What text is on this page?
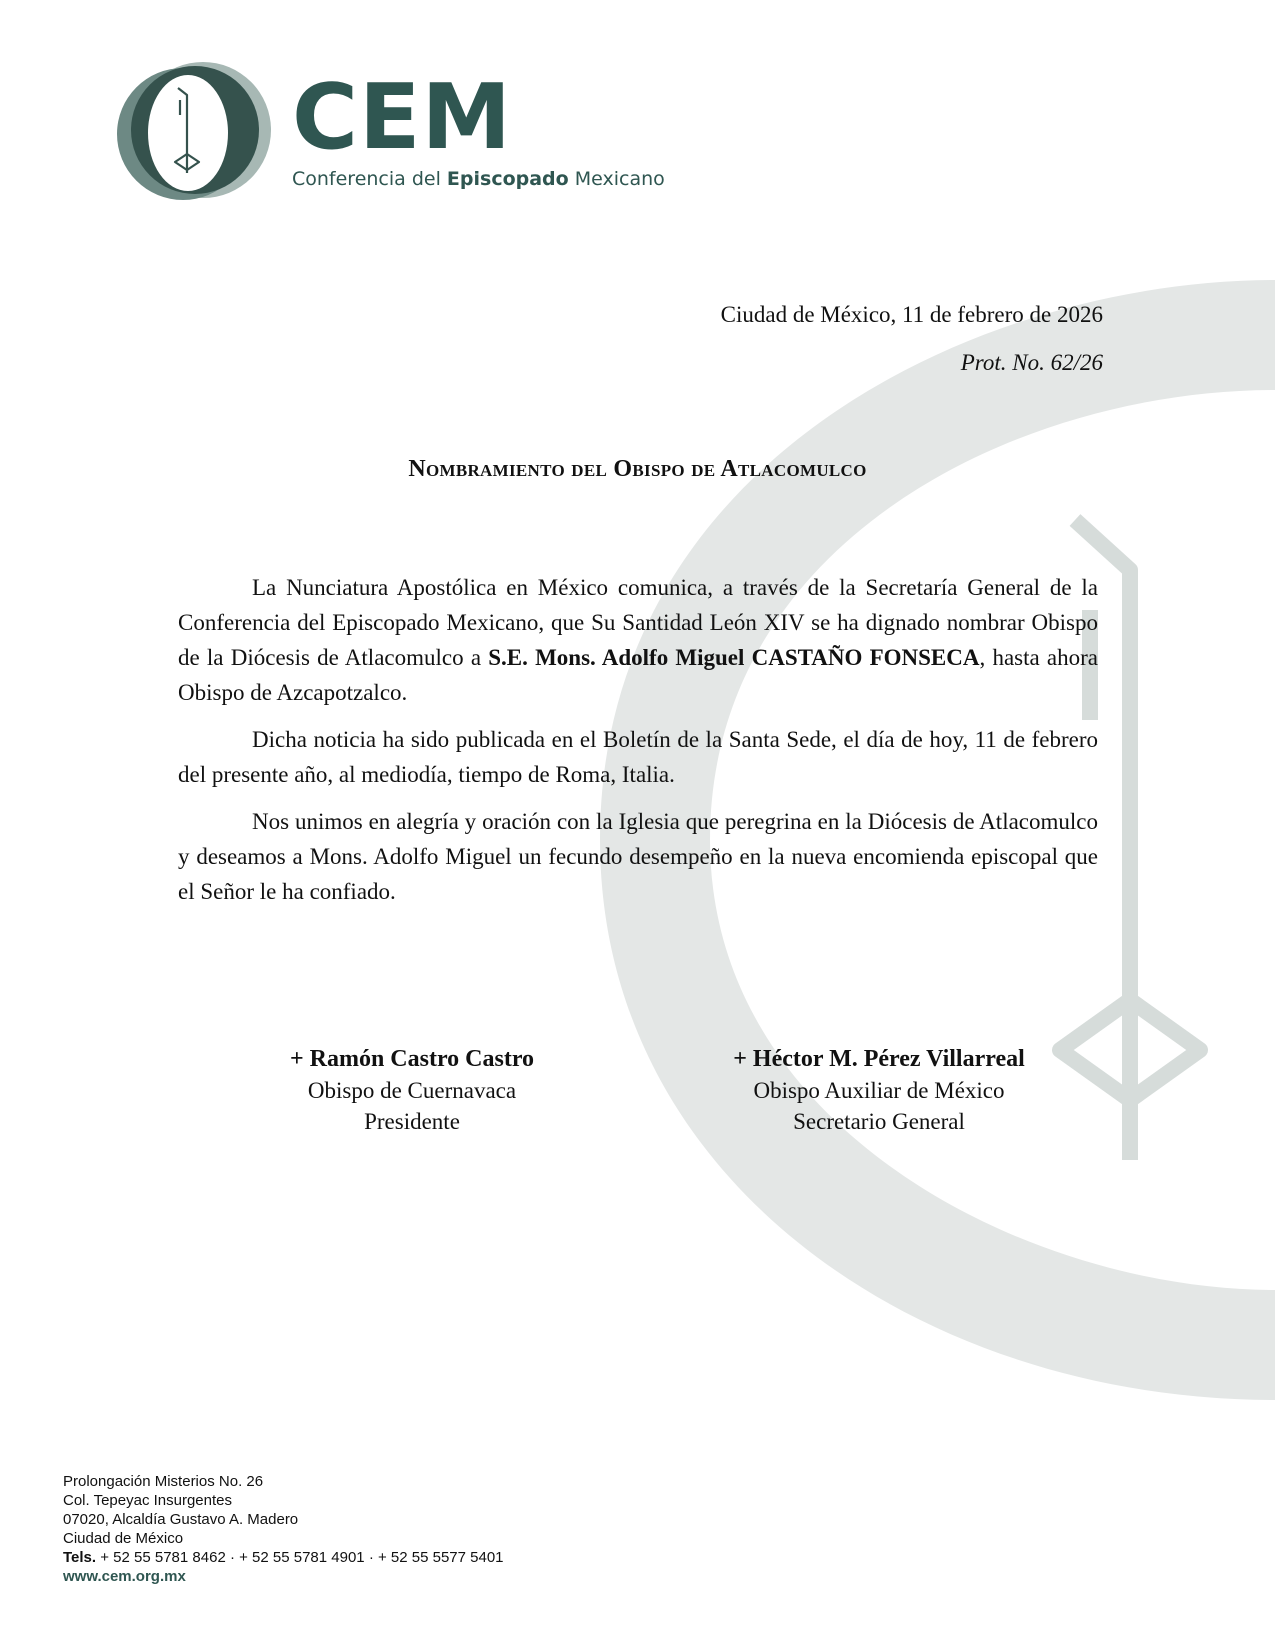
CEM
Conferencia del Episcopado Mexicano
Ciudad de México, 11 de febrero de 2026
Prot. No. 62/26
Nombramiento del Obispo de Atlacomulco

La Nunciatura Apostólica en México comunica, a través de la Secretaría General de la Conferencia del Episcopado Mexicano, que Su Santidad León XIV se ha dignado nombrar Obispo de la Diócesis de Atlacomulco a S.E. Mons. Adolfo Miguel CASTAÑO FONSECA, hasta ahora Obispo de Azcapotzalco.

Dicha noticia ha sido publicada en el Boletín de la Santa Sede, el día de hoy, 11 de febrero del presente año, al mediodía, tiempo de Roma, Italia.

Nos unimos en alegría y oración con la Iglesia que peregrina en la Diócesis de Atlacomulco y deseamos a Mons. Adolfo Miguel un fecundo desempeño en la nueva encomienda episcopal que el Señor le ha confiado.

+ Ramón Castro Castro
Obispo de Cuernavaca
Presidente
+ Héctor M. Pérez Villarreal
Obispo Auxiliar de México
Secretario General
Prolongación Misterios No. 26
Col. Tepeyac Insurgentes
07020, Alcaldía Gustavo A. Madero
Ciudad de México
Tels. + 52 55 5781 8462 · + 52 55 5781 4901 · + 52 55 5577 5401
www.cem.org.mx
